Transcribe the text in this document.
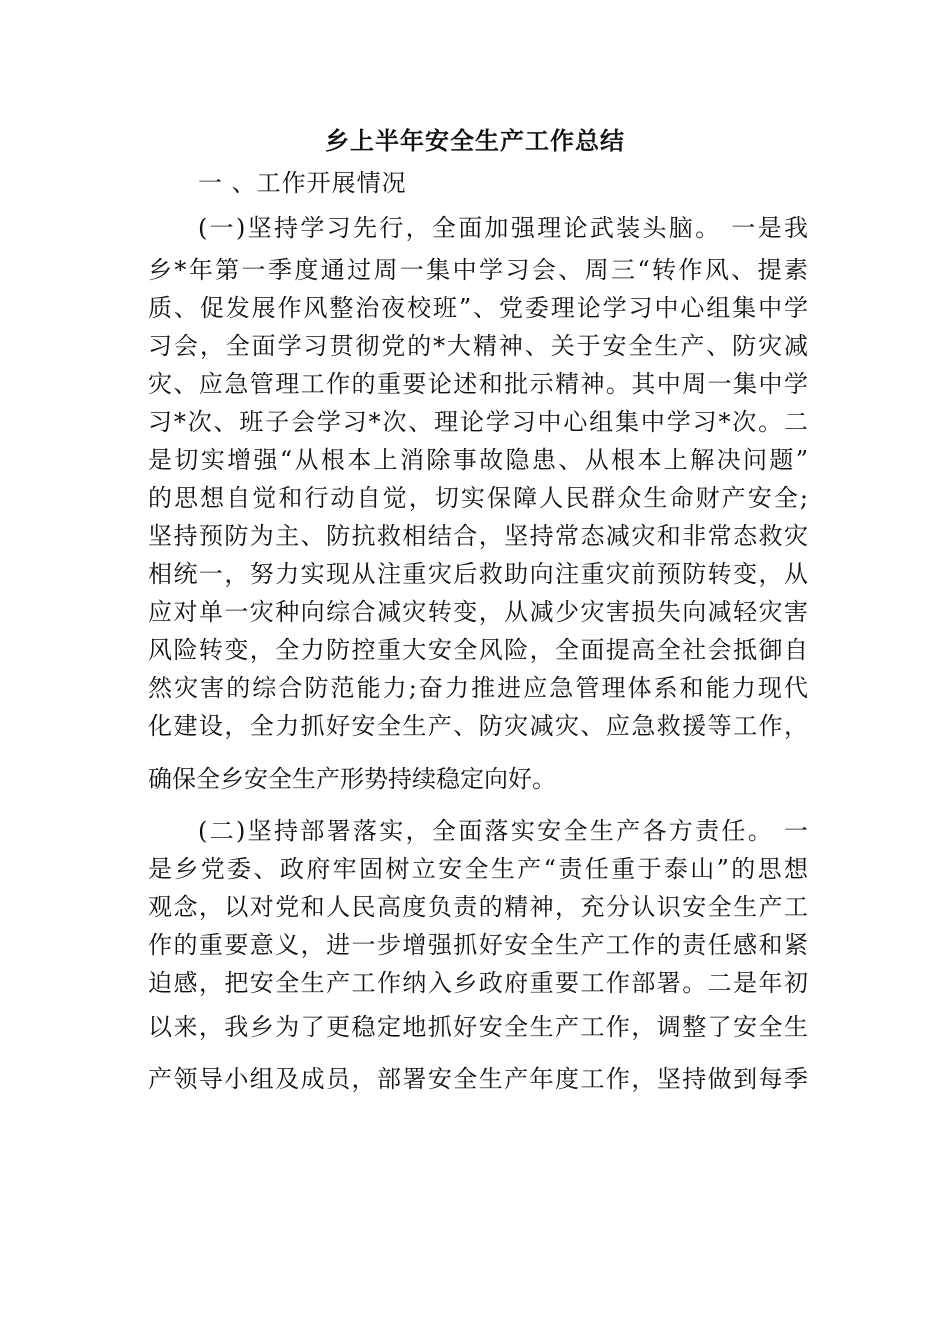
乡上半年安全生产工作总结
一 、工作开展情况
(一)坚持学习先行，全面加强理论武装头脑。 一是我
乡*年第一季度通过周一集中学习会、周三“转作风、提素
质、促发展作风整治夜校班”、党委理论学习中心组集中学
习会，全面学习贯彻党的*大精神、关于安全生产、防灾减
灾、应急管理工作的重要论述和批示精神。其中周一集中学
习*次、班子会学习*次、理论学习中心组集中学习*次。二
是切实增强“从根本上消除事故隐患、从根本上解决问题”
的思想自觉和行动自觉，切实保障人民群众生命财产安全;
坚持预防为主、防抗救相结合，坚持常态减灾和非常态救灾
相统一，努力实现从注重灾后救助向注重灾前预防转变，从
应对单一灾种向综合减灾转变，从减少灾害损失向减轻灾害
风险转变，全力防控重大安全风险，全面提高全社会抵御自
然灾害的综合防范能力;奋力推进应急管理体系和能力现代
化建设，全力抓好安全生产、防灾减灾、应急救援等工作，
确保全乡安全生产形势持续稳定向好。
(二)坚持部署落实，全面落实安全生产各方责任。 一
是乡党委、政府牢固树立安全生产“责任重于泰山”的思想
观念，以对党和人民高度负责的精神，充分认识安全生产工
作的重要意义，进一步增强抓好安全生产工作的责任感和紧
迫感，把安全生产工作纳入乡政府重要工作部署。二是年初
以来，我乡为了更稳定地抓好安全生产工作，调整了安全生
产领导小组及成员，部署安全生产年度工作，坚持做到每季
